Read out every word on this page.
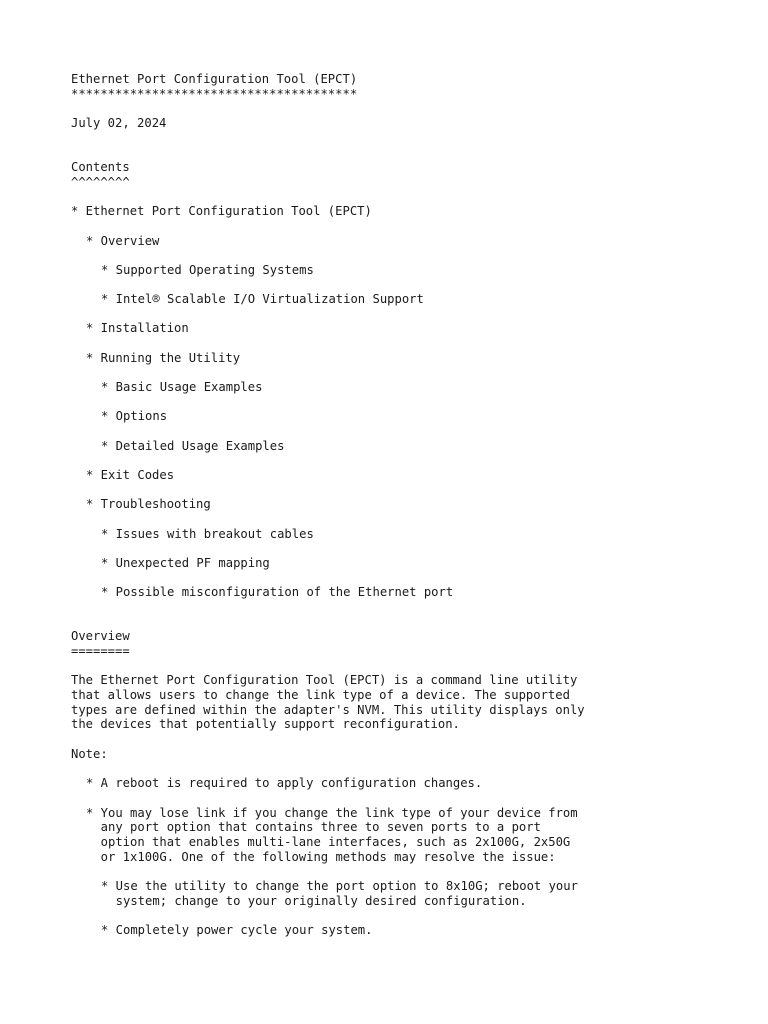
Ethernet Port Configuration Tool (EPCT)

***************************************

July 02, 2024

Contents

^^^^^^^^

* Ethernet Port Configuration Tool (EPCT)

* Overview

* Supported Operating Systems

* Intel® Scalable I/O Virtualization Support

* Installation

* Running the Utility

* Basic Usage Examples

* Options

* Detailed Usage Examples

* Exit Codes

* Troubleshooting

* Issues with breakout cables

* Unexpected PF mapping

* Possible misconfiguration of the Ethernet port

Overview

========

The Ethernet Port Configuration Tool (EPCT) is a command line utility

that allows users to change the link type of a device. The supported

types are defined within the adapter's NVM. This utility displays only

the devices that potentially support reconfiguration.

Note:

* A reboot is required to apply configuration changes.

* You may lose link if you change the link type of your device from

any port option that contains three to seven ports to a port

option that enables multi-lane interfaces, such as 2x100G, 2x50G

or 1x100G. One of the following methods may resolve the issue:

* Use the utility to change the port option to 8x10G; reboot your

system; change to your originally desired configuration.

* Completely power cycle your system.
